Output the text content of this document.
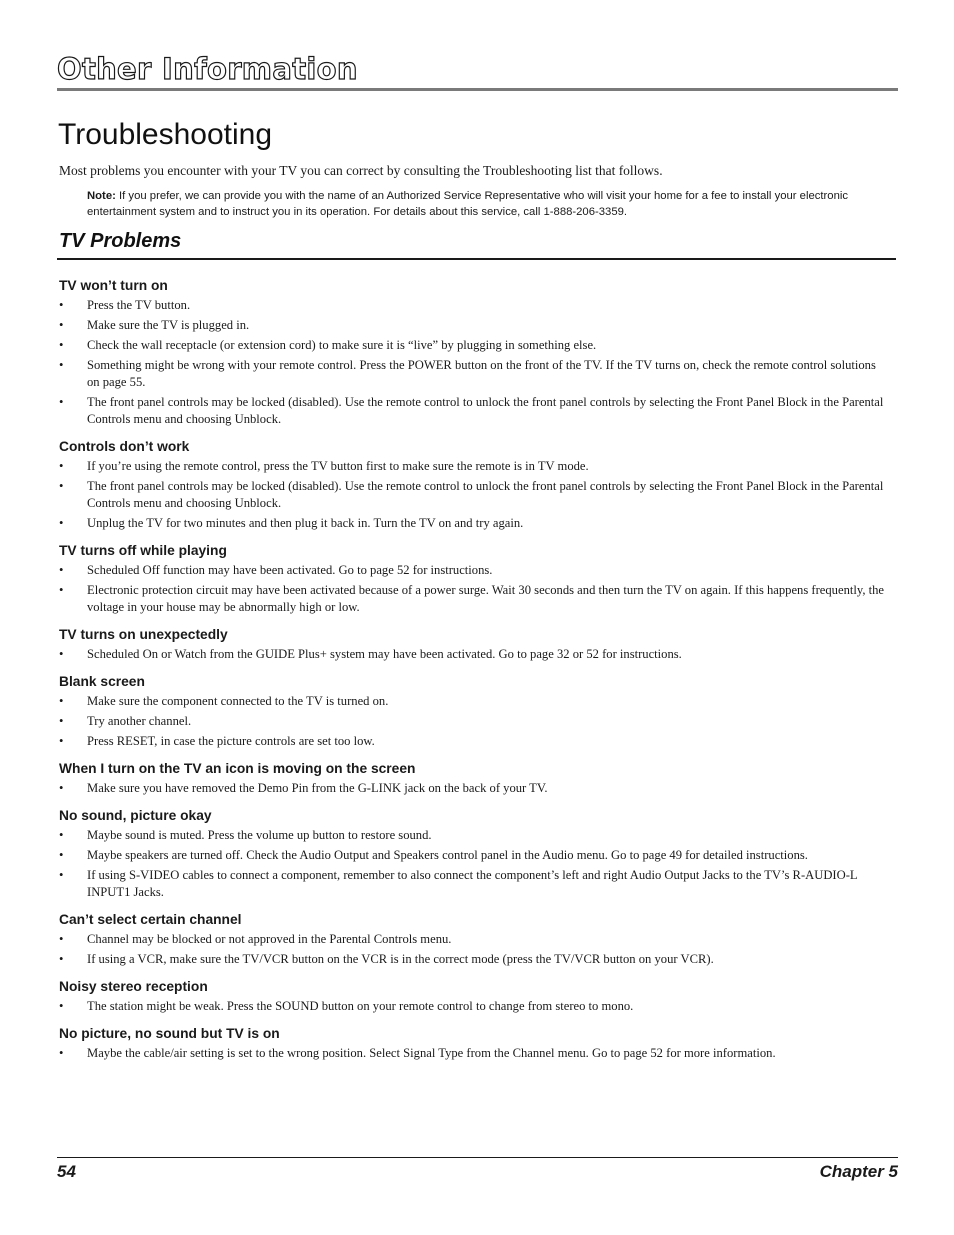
Other Information
Troubleshooting
Most problems you encounter with your TV you can correct by consulting the Troubleshooting list that follows.
Note: If you prefer, we can provide you with the name of an Authorized Service Representative who will visit your home for a fee to install your electronic entertainment system and to instruct you in its operation. For details about this service, call 1-888-206-3359.
TV Problems
TV won’t turn on
• Press the TV button.
• Make sure the TV is plugged in.
• Check the wall receptacle (or extension cord) to make sure it is “live” by plugging in something else.
• Something might be wrong with your remote control. Press the POWER button on the front of the TV. If the TV turns on, check the remote control solutions on page 55.
• The front panel controls may be locked (disabled). Use the remote control to unlock the front panel controls by selecting the Front Panel Block in the Parental Controls menu and choosing Unblock.
Controls don’t work
• If you’re using the remote control, press the TV button first to make sure the remote is in TV mode.
• The front panel controls may be locked (disabled). Use the remote control to unlock the front panel controls by selecting the Front Panel Block in the Parental Controls menu and choosing Unblock.
• Unplug the TV for two minutes and then plug it back in. Turn the TV on and try again.
TV turns off while playing
• Scheduled Off function may have been activated. Go to page 52 for instructions.
• Electronic protection circuit may have been activated because of a power surge. Wait 30 seconds and then turn the TV on again. If this happens frequently, the voltage in your house may be abnormally high or low.
TV turns on unexpectedly
• Scheduled On or Watch from the GUIDE Plus+ system may have been activated. Go to page 32 or 52 for instructions.
Blank screen
• Make sure the component connected to the TV is turned on.
• Try another channel.
• Press RESET, in case the picture controls are set too low.
When I turn on the TV an icon is moving on the screen
• Make sure you have removed the Demo Pin from the G-LINK jack on the back of your TV.
No sound, picture okay
• Maybe sound is muted. Press the volume up button to restore sound.
• Maybe speakers are turned off. Check the Audio Output and Speakers control panel in the Audio menu. Go to page 49 for detailed instructions.
• If using S-VIDEO cables to connect a component, remember to also connect the component’s left and right Audio Output Jacks to the TV’s R-AUDIO-L INPUT1 Jacks.
Can’t select certain channel
• Channel may be blocked or not approved in the Parental Controls menu.
• If using a VCR, make sure the TV/VCR button on the VCR is in the correct mode (press the TV/VCR button on your VCR).
Noisy stereo reception
• The station might be weak. Press the SOUND button on your remote control to change from stereo to mono.
No picture, no sound but TV is on
• Maybe the cable/air setting is set to the wrong position. Select Signal Type from the Channel menu. Go to page 52 for more information.
54	Chapter 5
